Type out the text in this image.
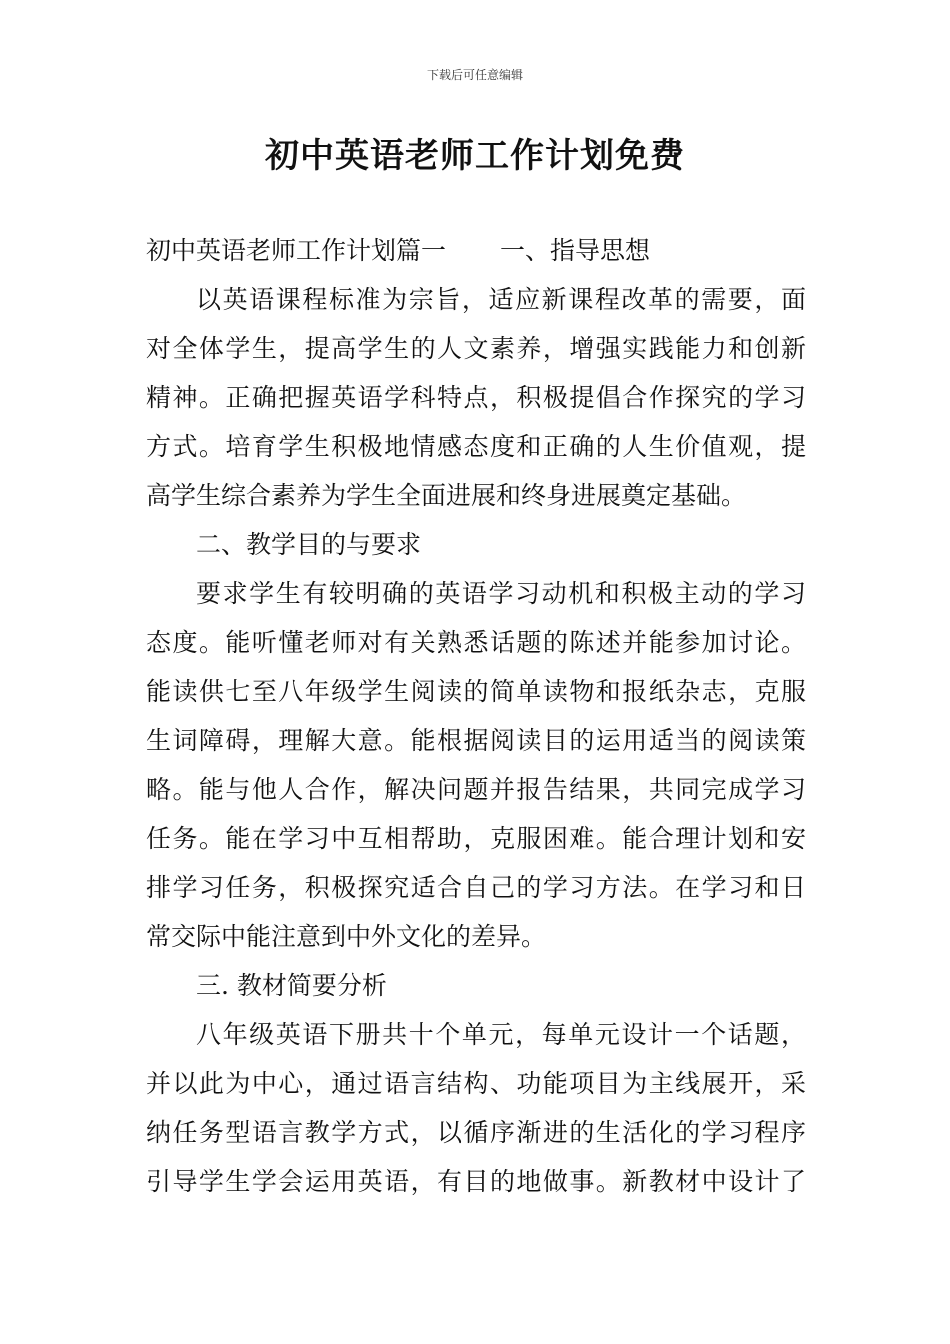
下载后可任意编辑
初中英语老师工作计划免费
初中英语老师工作计划篇一 一、指导思想
以英语课程标准为宗旨，适应新课程改革的需要，面
对全体学生，提高学生的人文素养，增强实践能力和创新
精神。正确把握英语学科特点，积极提倡合作探究的学习
方式。培育学生积极地情感态度和正确的人生价值观，提
高学生综合素养为学生全面进展和终身进展奠定基础。
二、教学目的与要求
要求学生有较明确的英语学习动机和积极主动的学习
态度。能听懂老师对有关熟悉话题的陈述并能参加讨论。
能读供七至八年级学生阅读的简单读物和报纸杂志，克服
生词障碍，理解大意。能根据阅读目的运用适当的阅读策
略。能与他人合作，解决问题并报告结果，共同完成学习
任务。能在学习中互相帮助，克服困难。能合理计划和安
排学习任务，积极探究适合自己的学习方法。在学习和日
常交际中能注意到中外文化的差异。
三. 教材简要分析
八年级英语下册共十个单元，每单元设计一个话题，
并以此为中心，通过语言结构、功能项目为主线展开，采
纳任务型语言教学方式，以循序渐进的生活化的学习程序
引导学生学会运用英语，有目的地做事。新教材中设计了
